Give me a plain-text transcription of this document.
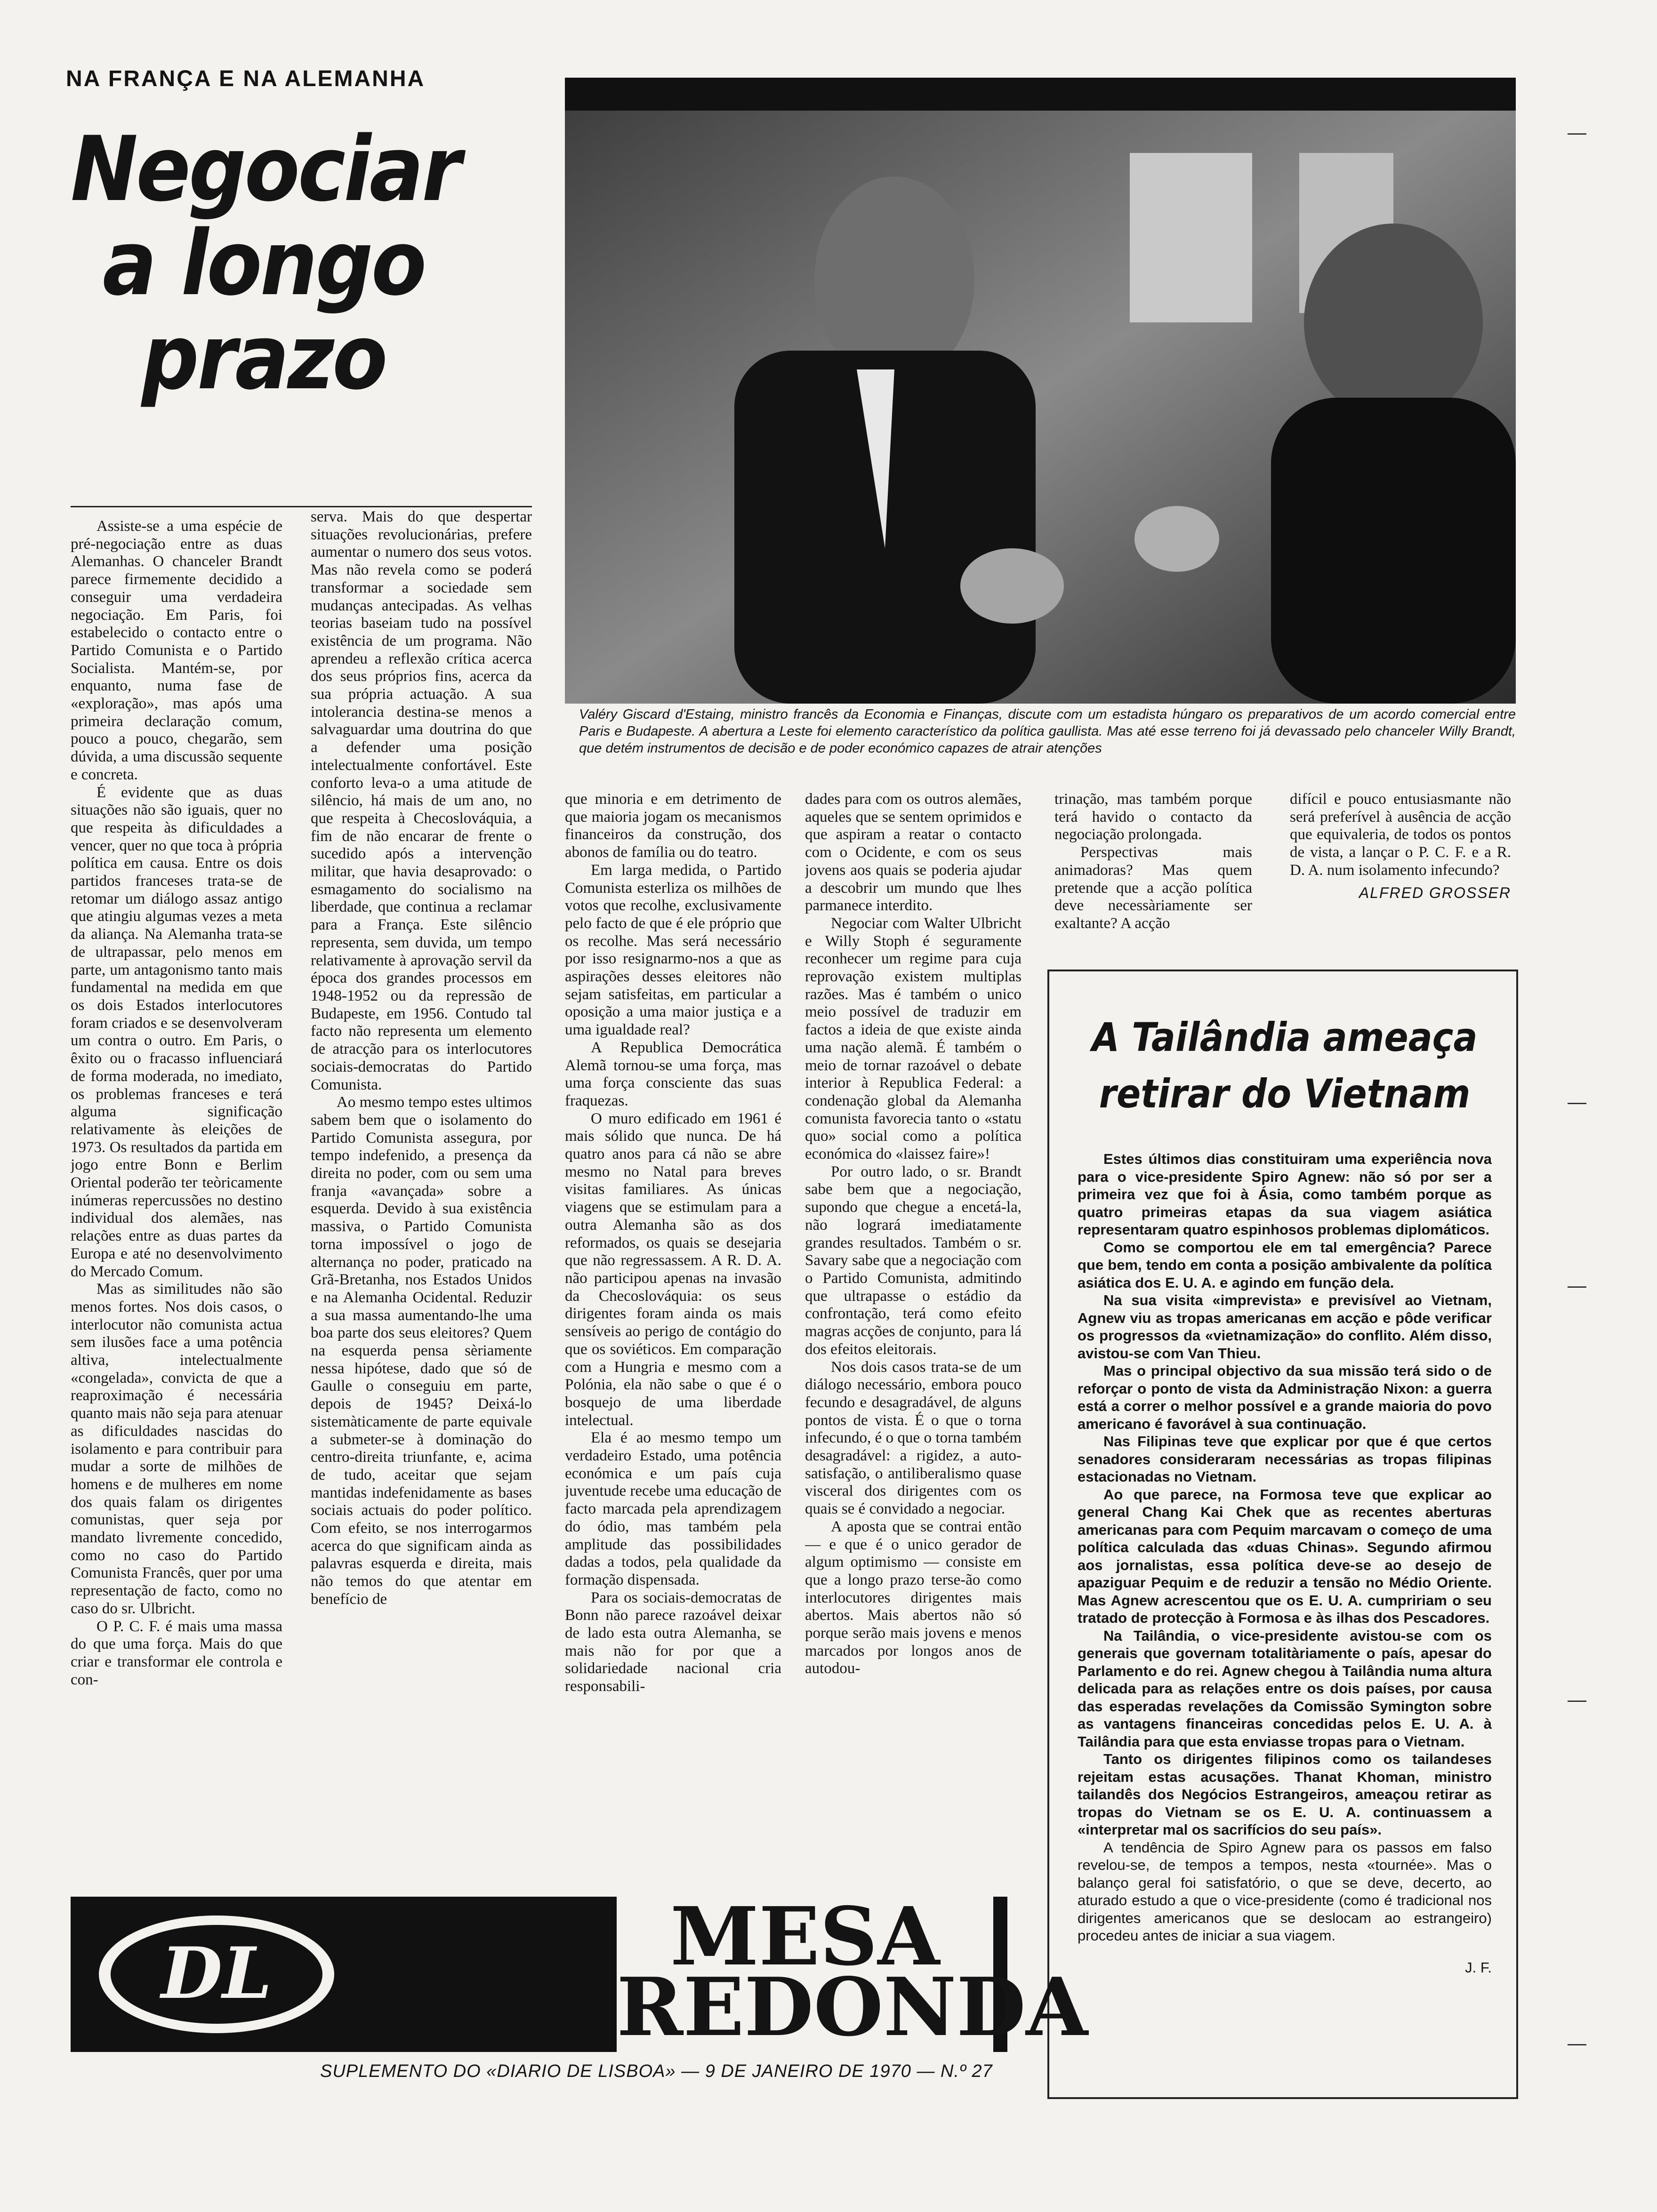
NA FRANÇA E NA ALEMANHA
Negociar
a longo
prazo
Valéry Giscard d'Estaing, ministro francês da Economia e Finanças, discute com um estadista húngaro os preparativos de um acordo comercial entre Paris e Budapeste. A abertura a Leste foi elemento característico da política gaullista. Mas até esse terreno foi já devassado pelo chanceler Willy Brandt, que detém instrumentos de decisão e de poder económico capazes de atrair atenções

Assiste-se a uma espécie de pré-negociação entre as duas Alemanhas. O chanceler Brandt parece firmemente decidido a conseguir uma verdadeira negociação. Em Paris, foi estabelecido o contacto entre o Partido Comunista e o Partido Socialista. Mantém-se, por enquanto, numa fase de «exploração», mas após uma primeira declaração comum, pouco a pouco, chegarão, sem dúvida, a uma discussão sequente e concreta.

É evidente que as duas situações não são iguais, quer no que respeita às dificuldades a vencer, quer no que toca à própria política em causa. Entre os dois partidos franceses trata-se de retomar um diálogo assaz antigo que atingiu algumas vezes a meta da aliança. Na Alemanha trata-se de ultrapassar, pelo menos em parte, um antagonismo tanto mais fundamental na medida em que os dois Estados interlocutores foram criados e se desenvolveram um contra o outro. Em Paris, o êxito ou o fracasso influenciará de forma moderada, no imediato, os problemas franceses e terá alguma significação relativamente às eleições de 1973. Os resultados da partida em jogo entre Bonn e Berlim Oriental poderão ter teòricamente inúmeras repercussões no destino individual dos alemães, nas relações entre as duas partes da Europa e até no desenvolvimento do Mercado Comum.

Mas as similitudes não são menos fortes. Nos dois casos, o interlocutor não comunista actua sem ilusões face a uma potência altiva, intelectualmente «congelada», convicta de que a reaproximação é necessária quanto mais não seja para atenuar as dificuldades nascidas do isolamento e para contribuir para mudar a sorte de milhões de homens e de mulheres em nome dos quais falam os dirigentes comunistas, quer seja por mandato livremente concedido, como no caso do Partido Comunista Francês, quer por uma representação de facto, como no caso do sr. Ulbricht.

O P. C. F. é mais uma massa do que uma força. Mais do que criar e transformar ele controla e con-

serva. Mais do que despertar situações revolucionárias, prefere aumentar o numero dos seus votos. Mas não revela como se poderá transformar a sociedade sem mudanças antecipadas. As velhas teorias baseiam tudo na possível existência de um programa. Não aprendeu a reflexão crítica acerca dos seus próprios fins, acerca da sua própria actuação. A sua intolerancia destina-se menos a salvaguardar uma doutrina do que a defender uma posição intelectualmente confortável. Este conforto leva-o a uma atitude de silêncio, há mais de um ano, no que respeita à Checoslováquia, a fim de não encarar de frente o sucedido após a intervenção militar, que havia desaprovado: o esmagamento do socialismo na liberdade, que continua a reclamar para a França. Este silêncio representa, sem duvida, um tempo relativamente à aprovação servil da época dos grandes processos em 1948-1952 ou da repressão de Budapeste, em 1956. Contudo tal facto não representa um elemento de atracção para os interlocutores sociais-democratas do Partido Comunista.

Ao mesmo tempo estes ultimos sabem bem que o isolamento do Partido Comunista assegura, por tempo indefenido, a presença da direita no poder, com ou sem uma franja «avançada» sobre a esquerda. Devido à sua existência massiva, o Partido Comunista torna impossível o jogo de alternança no poder, praticado na Grã-Bretanha, nos Estados Unidos e na Alemanha Ocidental. Reduzir a sua massa aumentando-lhe uma boa parte dos seus eleitores? Quem na esquerda pensa sèriamente nessa hipótese, dado que só de Gaulle o conseguiu em parte, depois de 1945? Deixá-lo sistemàticamente de parte equivale a submeter-se à dominação do centro-direita triunfante, e, acima de tudo, aceitar que sejam mantidas indefenidamente as bases sociais actuais do poder político. Com efeito, se nos interrogarmos acerca do que significam ainda as palavras esquerda e direita, mais não temos do que atentar em benefício de

que minoria e em detrimento de que maioria jogam os mecanismos financeiros da construção, dos abonos de família ou do teatro.

Em larga medida, o Partido Comunista esterliza os milhões de votos que recolhe, exclusivamente pelo facto de que é ele próprio que os recolhe. Mas será necessário por isso resignarmo-nos a que as aspirações desses eleitores não sejam satisfeitas, em particular a oposição a uma maior justiça e a uma igualdade real?

A Republica Democrática Alemã tornou-se uma força, mas uma força consciente das suas fraquezas.

O muro edificado em 1961 é mais sólido que nunca. De há quatro anos para cá não se abre mesmo no Natal para breves visitas familiares. As únicas viagens que se estimulam para a outra Alemanha são as dos reformados, os quais se desejaria que não regressassem. A R. D. A. não participou apenas na invasão da Checoslováquia: os seus dirigentes foram ainda os mais sensíveis ao perigo de contágio do que os soviéticos. Em comparação com a Hungria e mesmo com a Polónia, ela não sabe o que é o bosquejo de uma liberdade intelectual.

Ela é ao mesmo tempo um verdadeiro Estado, uma potência económica e um país cuja juventude recebe uma educação de facto marcada pela aprendizagem do ódio, mas também pela amplitude das possibilidades dadas a todos, pela qualidade da formação dispensada.

Para os sociais-democratas de Bonn não parece razoável deixar de lado esta outra Alemanha, se mais não for por que a solidariedade nacional cria responsabili-

dades para com os outros alemães, aqueles que se sentem oprimidos e que aspiram a reatar o contacto com o Ocidente, e com os seus jovens aos quais se poderia ajudar a descobrir um mundo que lhes parmanece interdito.

Negociar com Walter Ulbricht e Willy Stoph é seguramente reconhecer um regime para cuja reprovação existem multiplas razões. Mas é também o unico meio possível de traduzir em factos a ideia de que existe ainda uma nação alemã. É também o meio de tornar razoável o debate interior à Republica Federal: a condenação global da Alemanha comunista favorecia tanto o «statu quo» social como a política económica do «laissez faire»!

Por outro lado, o sr. Brandt sabe bem que a negociação, supondo que chegue a encetá-la, não logrará imediatamente grandes resultados. Também o sr. Savary sabe que a negociação com o Partido Comunista, admitindo que ultrapasse o estádio da confrontação, terá como efeito magras acções de conjunto, para lá dos efeitos eleitorais.

Nos dois casos trata-se de um diálogo necessário, embora pouco fecundo e desagradável, de alguns pontos de vista. É o que o torna infecundo, é o que o torna também desagradável: a rigidez, a auto-satisfação, o antiliberalismo quase visceral dos dirigentes com os quais se é convidado a negociar.

A aposta que se contrai então — e que é o unico gerador de algum optimismo — consiste em que a longo prazo terse-ão como interlocutores dirigentes mais abertos. Mais abertos não só porque serão mais jovens e menos marcados por longos anos de autodou-

trinação, mas também porque terá havido o contacto da negociação prolongada.

Perspectivas mais animadoras? Mas quem pretende que a acção política deve necessàriamente ser exaltante? A acção

difícil e pouco entusiasmante não será preferível à ausência de acção que equivaleria, de todos os pontos de vista, a lançar o P. C. F. e a R. D. A. num isolamento infecundo?

ALFRED GROSSER

A Tailândia ameaça retirar do Vietnam

Estes últimos dias constituiram uma experiência nova para o vice-presidente Spiro Agnew: não só por ser a primeira vez que foi à Ásia, como também porque as quatro primeiras etapas da sua viagem asiática representaram quatro espinhosos problemas diplomáticos.

Como se comportou ele em tal emergência? Parece que bem, tendo em conta a posição ambivalente da política asiática dos E. U. A. e agindo em função dela.

Na sua visita «imprevista» e previsível ao Vietnam, Agnew viu as tropas americanas em acção e pôde verificar os progressos da «vietnamização» do conflito. Além disso, avistou-se com Van Thieu.

Mas o principal objectivo da sua missão terá sido o de reforçar o ponto de vista da Administração Nixon: a guerra está a correr o melhor possível e a grande maioria do povo americano é favorável à sua continuação.

Nas Filipinas teve que explicar por que é que certos senadores consideraram necessárias as tropas filipinas estacionadas no Vietnam.

Ao que parece, na Formosa teve que explicar ao general Chang Kai Chek que as recentes aberturas americanas para com Pequim marcavam o começo de uma política calculada das «duas Chinas». Segundo afirmou aos jornalistas, essa política deve-se ao desejo de apaziguar Pequim e de reduzir a tensão no Médio Oriente. Mas Agnew acrescentou que os E. U. A. cumpririam o seu tratado de protecção à Formosa e às ilhas dos Pescadores.

Na Tailândia, o vice-presidente avistou-se com os generais que governam totalitàriamente o país, apesar do Parlamento e do rei. Agnew chegou à Tailândia numa altura delicada para as relações entre os dois países, por causa das esperadas revelações da Comissão Symington sobre as vantagens financeiras concedidas pelos E. U. A. à Tailândia para que esta enviasse tropas para o Vietnam.

Tanto os dirigentes filipinos como os tailandeses rejeitam estas acusações. Thanat Khoman, ministro tailandês dos Negócios Estrangeiros, ameaçou retirar as tropas do Vietnam se os E. U. A. continuassem a «interpretar mal os sacrifícios do seu país».

A tendência de Spiro Agnew para os passos em falso revelou-se, de tempos a tempos, nesta «tournée». Mas o balanço geral foi satisfatório, o que se deve, decerto, ao aturado estudo a que o vice-presidente (como é tradicional nos dirigentes americanos que se deslocam ao estrangeiro) procedeu antes de iniciar a sua viagem.

J. F.

DL	MESA
REDONDA
SUPLEMENTO DO «DIARIO DE LISBOA» — 9 DE JANEIRO DE 1970 — N.º 27
—
—
—
—
—
